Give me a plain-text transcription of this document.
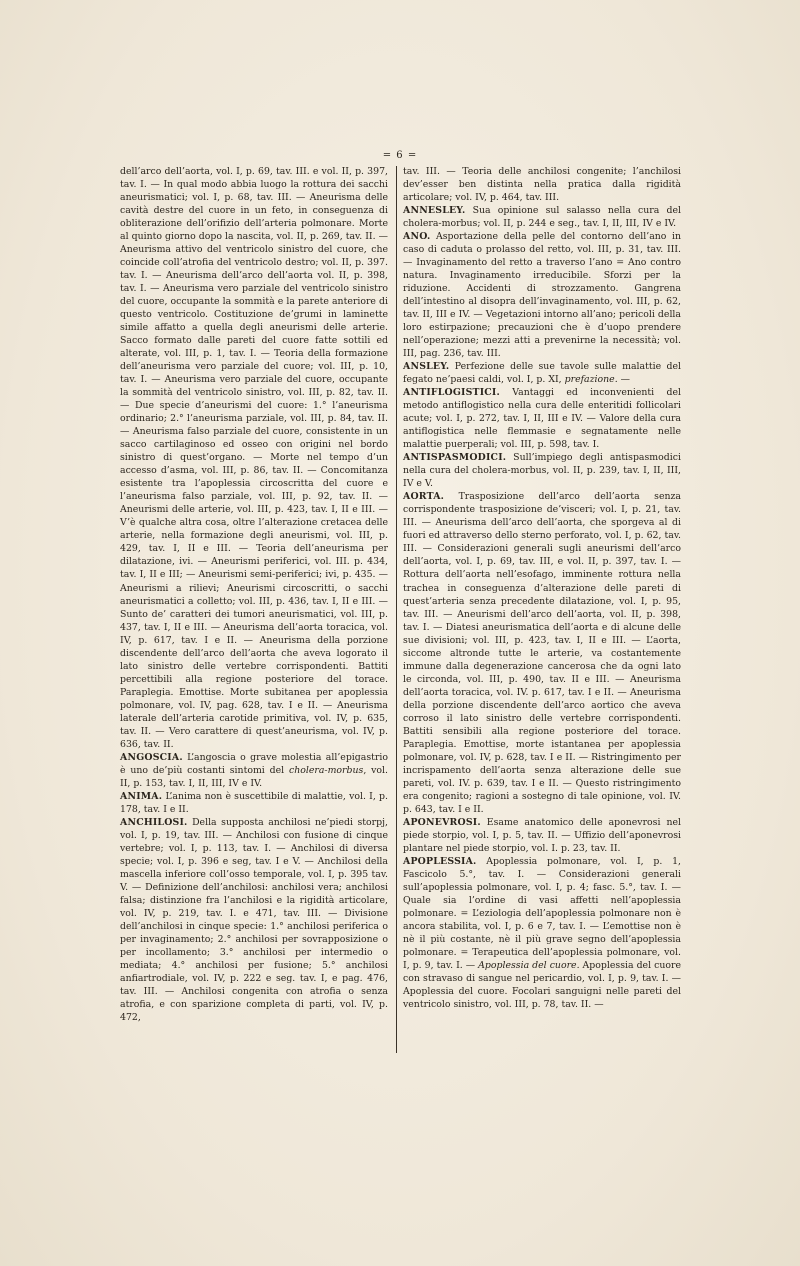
= 6 =

dell’arco dell’aorta, vol. I, p. 69, tav. III. e vol. II, p. 397, tav. I. — In qual modo abbia luogo la rottura dei sacchi aneurismatici; vol. I, p. 68, tav. III. — Aneurisma delle cavità destre del cuore in un feto, in conseguenza di obliterazione dell’orifizio dell’arteria polmonare. Morte al quinto giorno dopo la nascita, vol. II, p. 269, tav. II. — Aneurisma attivo del ventricolo sinistro del cuore, che coincide coll’atrofia del ventricolo destro; vol. II, p. 397. tav. I. — Aneurisma dell’arco dell’aorta vol. II, p. 398, tav. I. — Aneurisma vero parziale del ventricolo sinistro del cuore, occupante la sommità e la parete anteriore di questo ventricolo. Costituzione de’grumi in laminette simile affatto a quella degli aneurismi delle arterie. Sacco formato dalle pareti del cuore fatte sottili ed alterate, vol. III, p. 1, tav. I. — Teoria della formazione dell’aneurisma vero parziale del cuore; vol. III, p. 10, tav. I. — Aneurisma vero parziale del cuore, occupante la sommità del ventricolo sinistro, vol. III, p. 82, tav. II. — Due specie d’aneurismi del cuore: 1.° l’aneurisma ordinario; 2.° l’aneurisma parziale, vol. III, p. 84, tav. II. — Aneurisma falso parziale del cuore, consistente in un sacco cartilaginoso ed osseo con origini nel bordo sinistro di quest’organo. — Morte nel tempo d’un accesso d’asma, vol. III, p. 86, tav. II. — Concomitanza esistente tra l’apoplessia circoscritta del cuore e l’aneurisma falso parziale, vol. III, p. 92, tav. II. — Aneurismi delle arterie, vol. III, p. 423, tav. I, II e III. — V’è qualche altra cosa, oltre l’alterazione cretacea delle arterie, nella formazione degli aneurismi, vol. III, p. 429, tav. I, II e III. — Teoria dell’aneurisma per dilatazione, ivi. — Aneurismi periferici, vol. III. p. 434, tav. I, II e III; — Aneurismi semi-periferici; ivi, p. 435. — Aneurismi a rilievi; Aneurismi circoscritti, o sacchi aneurismatici a colletto; vol. III, p. 436, tav. I, II e III. — Sunto de’ caratteri dei tumori aneurismatici, vol. III, p. 437, tav. I, II e III. — Aneurisma dell’aorta toracica, vol. IV, p. 617, tav. I e II. — Aneurisma della porzione discendente dell’arco dell’aorta che aveva logorato il lato sinistro delle vertebre corrispondenti. Battiti percettibili alla regione posteriore del torace. Paraplegia. Emottise. Morte subitanea per apoplessia polmonare, vol. IV, pag. 628, tav. I e II. — Aneurisma laterale dell’arteria carotide primitiva, vol. IV, p. 635, tav. II. — Vero carattere di quest’aneurisma, vol. IV, p. 636, tav. II.

ANGOSCIA. L’angoscia o grave molestia all’epigastrio è uno de’più costanti sintomi del cholera-morbus, vol. II, p. 153, tav. I, II, III, IV e IV.

ANIMA. L’anima non è suscettibile di malattie, vol. I, p. 178, tav. I e II.

ANCHILOSI. Della supposta anchilosi ne’piedi storpj, vol. I, p. 19, tav. III. — Anchilosi con fusione di cinque vertebre; vol. I, p. 113, tav. I. — Anchilosi di diversa specie; vol. I, p. 396 e seg, tav. I e V. — Anchilosi della mascella inferiore coll’osso temporale, vol. I, p. 395 tav. V. — Definizione dell’anchilosi: anchilosi vera; anchilosi falsa; distinzione fra l’anchilosi e la rigidità articolare, vol. IV, p. 219, tav. I. e 471, tav. III. — Divisione dell’anchilosi in cinque specie: 1.° anchilosi periferica o per invaginamento; 2.° anchilosi per sovrapposizione o per incollamento; 3.° anchilosi per intermedio o mediata; 4.° anchilosi per fusione; 5.° anchilosi anfiartrodiale, vol. IV, p. 222 e seg. tav. I, e pag. 476, tav. III. — Anchilosi congenita con atrofia o senza atrofia, e con sparizione completa di parti, vol. IV, p. 472,

tav. III. — Teoria delle anchilosi congenite; l’anchilosi dev’esser ben distinta nella pratica dalla rigidità articolare; vol. IV, p. 464, tav. III.

ANNESLEY. Sua opinione sul salasso nella cura del cholera-morbus; vol. II, p. 244 e seg., tav. I, II, III, IV e IV.

ANO. Asportazione della pelle del contorno dell’ano in caso di caduta o prolasso del retto, vol. III, p. 31, tav. III. — Invaginamento del retto a traverso l’ano = Ano contro natura. Invaginamento irreducibile. Sforzi per la riduzione. Accidenti di strozzamento. Gangrena dell’intestino al disopra dell’invaginamento, vol. III, p. 62, tav. II, III e IV. — Vegetazioni intorno all’ano; pericoli della loro estirpazione; precauzioni che è d’uopo prendere nell’operazione; mezzi atti a prevenirne la necessità; vol. III, pag. 236, tav. III.

ANSLEY. Perfezione delle sue tavole sulle malattie del fegato ne’paesi caldi, vol. I, p. XI, prefazione. —

ANTIFLOGISTICI. Vantaggi ed inconvenienti del metodo antiflogistico nella cura delle enteritidi follicolari acute; vol. I, p. 272, tav. I, II, III e IV. — Valore della cura antiflogistica nelle flemmasie e segnatamente nelle malattie puerperali; vol. III, p. 598, tav. I.

ANTISPASMODICI. Sull’impiego degli antispasmodici nella cura del cholera-morbus, vol. II, p. 239, tav. I, II, III, IV e V.

AORTA. Trasposizione dell’arco dell’aorta senza corrispondente trasposizione de’visceri; vol. I, p. 21, tav. III. — Aneurisma dell’arco dell’aorta, che sporgeva al di fuori ed attraverso dello sterno perforato, vol. I, p. 62, tav. III. — Considerazioni generali sugli aneurismi dell’arco dell’aorta, vol. I, p. 69, tav. III, e vol. II, p. 397, tav. I. — Rottura dell’aorta nell’esofago, imminente rottura nella trachea in conseguenza d’alterazione delle pareti di quest’arteria senza precedente dilatazione, vol. I, p. 95, tav. III. — Aneurismi dell’arco dell’aorta, vol. II, p. 398, tav. I. — Diatesi aneurismatica dell’aorta e di alcune delle sue divisioni; vol. III, p. 423, tav. I, II e III. — L’aorta, siccome altronde tutte le arterie, va costantemente immune dalla degenerazione cancerosa che da ogni lato le circonda, vol. III, p. 490, tav. II e III. — Aneurisma dell’aorta toracica, vol. IV. p. 617, tav. I e II. — Aneurisma della porzione discendente dell’arco aortico che aveva corroso il lato sinistro delle vertebre corrispondenti. Battiti sensibili alla regione posteriore del torace. Paraplegia. Emottise, morte istantanea per apoplessia polmonare, vol. IV, p. 628, tav. I e II. — Ristringimento per incrispamento dell’aorta senza alterazione delle sue pareti, vol. IV. p. 639, tav. I e II. — Questo ristringimento era congenito; ragioni a sostegno di tale opinione, vol. IV. p. 643, tav. I e II.

APONEVROSI. Esame anatomico delle aponevrosi nel piede storpio, vol. I, p. 5, tav. II. — Uffizio dell’aponevrosi plantare nel piede storpio, vol. I. p. 23, tav. II.

APOPLESSIA. Apoplessia polmonare, vol. I, p. 1, Fascicolo 5.°, tav. I. — Considerazioni generali sull’apoplessia polmonare, vol. I, p. 4; fasc. 5.°, tav. I. — Quale sia l’ordine di vasi affetti nell’apoplessia polmonare. = L’eziologia dell’apoplessia polmonare non è ancora stabilita, vol. I, p. 6 e 7, tav. I. — L’emottise non è nè il più costante, nè il più grave segno dell’apoplessia polmonare. = Terapeutica dell’apoplessia polmonare, vol. I, p. 9, tav. I. — Apoplessia del cuore. Apoplessia del cuore con stravaso di sangue nel pericardio, vol. I, p. 9, tav. I. — Apoplessia del cuore. Focolari sanguigni nelle pareti del ventricolo sinistro, vol. III, p. 78, tav. II. —
